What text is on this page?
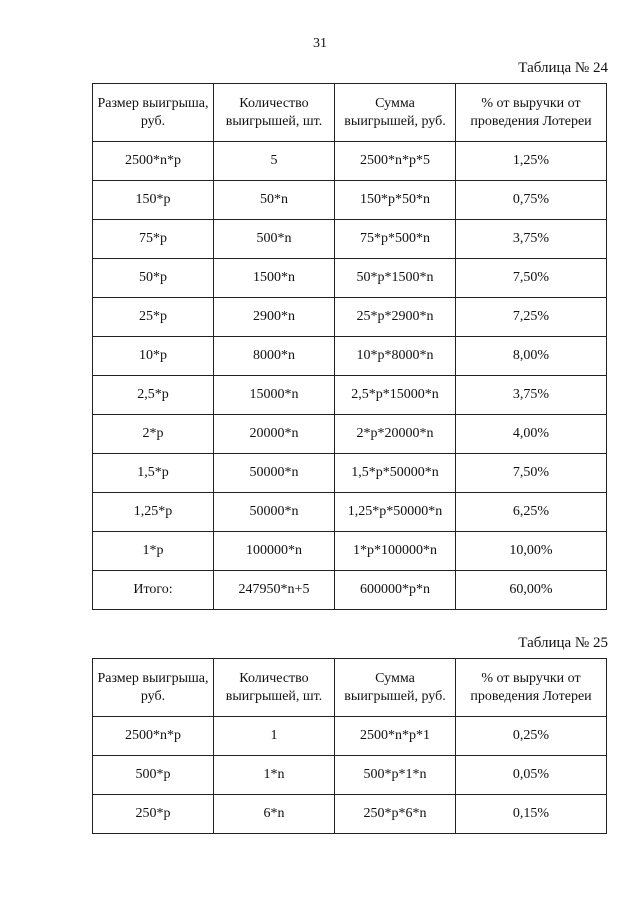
31
Таблица № 24
Размер выигрыша, руб.	Количество выигрышей, шт.	Сумма выигрышей, руб.	% от выручки от проведения Лотереи
2500*n*p	5	2500*n*p*5	1,25%
150*p	50*n	150*p*50*n	0,75%
75*p	500*n	75*p*500*n	3,75%
50*p	1500*n	50*p*1500*n	7,50%
25*p	2900*n	25*p*2900*n	7,25%
10*p	8000*n	10*p*8000*n	8,00%
2,5*p	15000*n	2,5*p*15000*n	3,75%
2*p	20000*n	2*p*20000*n	4,00%
1,5*p	50000*n	1,5*p*50000*n	7,50%
1,25*p	50000*n	1,25*p*50000*n	6,25%
1*p	100000*n	1*p*100000*n	10,00%
Итого:	247950*n+5	600000*p*n	60,00%
Таблица № 25
Размер выигрыша, руб.	Количество выигрышей, шт.	Сумма выигрышей, руб.	% от выручки от проведения Лотереи
2500*n*p	1	2500*n*p*1	0,25%
500*p	1*n	500*p*1*n	0,05%
250*p	6*n	250*p*6*n	0,15%
